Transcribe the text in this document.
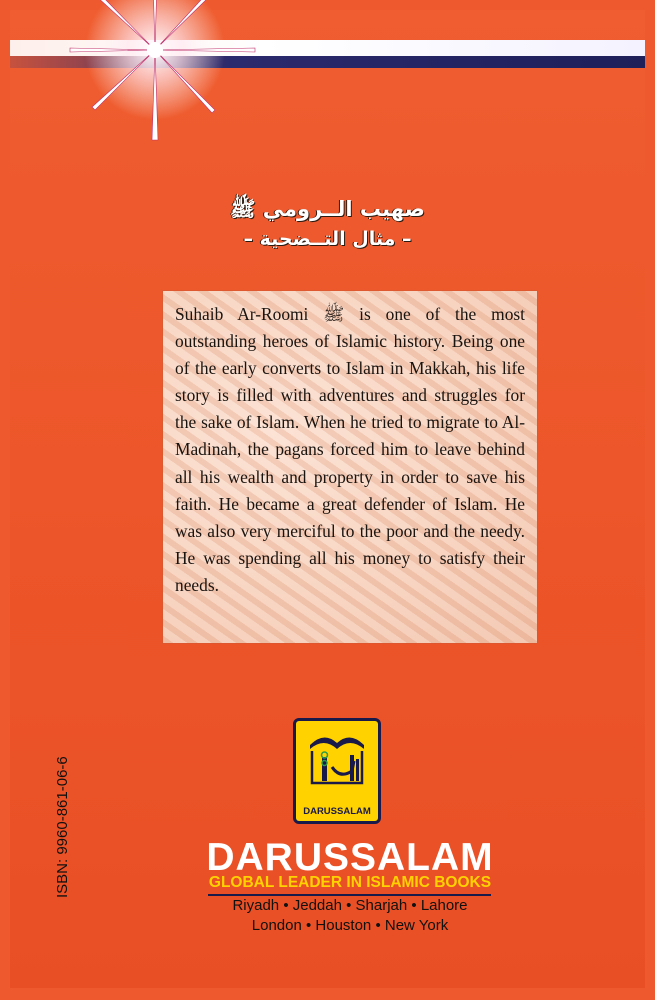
صهيب الــرومي ﷺ
– مثال التــضحية –
Suhaib Ar-Roomi ﷺ is one of the most outstanding heroes of Islamic history. Being one of the early converts to Islam in Makkah, his life story is filled with adventures and struggles for the sake of Islam. When he tried to migrate to Al-Madinah, the pagans forced him to leave behind all his wealth and property in order to save his faith. He became a great defender of Islam. He was also very merciful to the poor and the needy. He was spending all his money to satisfy their needs.
DARUSSALAM
DARUSSALAM
GLOBAL LEADER IN ISLAMIC BOOKS
Riyadh • Jeddah • Sharjah • Lahore
London • Houston • New York
ISBN: 9960-861-06-6
